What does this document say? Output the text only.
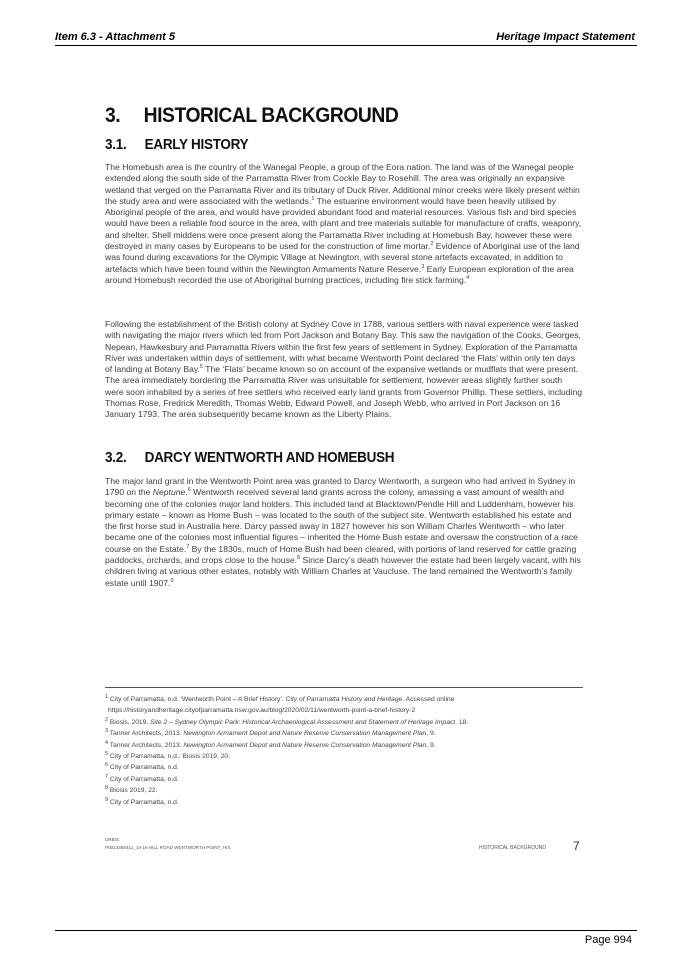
Item 6.3 - Attachment 5	Heritage Impact Statement
3. HISTORICAL BACKGROUND
3.1. EARLY HISTORY

The Homebush area is the country of the Wanegal People, a group of the Eora nation. The land was of the Wanegal people extended along the south side of the Parramatta River from Cockle Bay to Rosehill. The area was originally an expansive wetland that verged on the Parramatta River and its tributary of Duck River. Additional minor creeks were likely present within the study area and were associated with the wetlands.$^1$ The estuarine environment would have been heavily utilised by Aboriginal people of the area, and would have provided abundant food and material resources. Various fish and bird species would have been a reliable food source in the area, with plant and tree materials suitable for manufacture of crafts, weaponry, and shelter. Shell middens were once present along the Parramatta River including at Homebush Bay, however these were destroyed in many cases by Europeans to be used for the construction of lime mortar.$^2$ Evidence of Aboriginal use of the land was found during excavations for the Olympic Village at Newington, with several stone artefacts excavated, in addition to artefacts which have been found within the Newington Armaments Nature Reserve.$^3$ Early European exploration of the area around Homebush recorded the use of Aboriginal burning practices, including fire stick farming.$^4$

Following the establishment of the British colony at Sydney Cove in 1788, various settlers with naval experience were tasked with navigating the major rivers which led from Port Jackson and Botany Bay. This saw the navigation of the Cooks, Georges, Nepean, Hawkesbury and Parramatta Rivers within the first few years of settlement in Sydney. Exploration of the Parramatta River was undertaken within days of settlement, with what became Wentworth Point declared ‘the Flats’ within only ten days of landing at Botany Bay.$^5$ The ‘Flats’ became known so on account of the expansive wetlands or mudflats that were present. The area immediately bordering the Parramatta River was unsuitable for settlement, however areas slightly further south were soon inhabited by a series of free settlers who received early land grants from Governor Phillip. These settlers, including Thomas Rose, Fredrick Meredith, Thomas Webb, Edward Powell, and Joseph Webb, who arrived in Port Jackson on 16 January 1793. The area subsequently became known as the Liberty Plains.

3.2. DARCY WENTWORTH AND HOMEBUSH

The major land grant in the Wentworth Point area was granted to Darcy Wentworth, a surgeon who had arrived in Sydney in 1790 on the Neptune.$^6$ Wentworth received several land grants across the colony, amassing a vast amount of wealth and becoming one of the colonies major land holders. This included land at Blacktown/Pendle Hill and Luddenham, however his primary estate – known as Home Bush – was located to the south of the subject site. Wentworth established his estate and the first horse stud in Australia here. Darcy passed away in 1827 however his son William Charles Wentworth – who later became one of the colonies most influential figures – inherited the Home Bush estate and oversaw the construction of a race course on the Estate.$^7$ By the 1830s, much of Home Bush had been cleared, with portions of land reserved for cattle grazing paddocks, orchards, and crops close to the house.$^8$ Since Darcy’s death however the estate had been largely vacant, with his children living at various other estates, notably with William Charles at Vaucluse. The land remained the Wentworth’s family estate until 1907.$^9$

$^1$ City of Parramatta, n.d. ‘Wentworth Point – A Brief History’. City of Parramatta History and Heritage. Accessed online
https://historyandheritage.cityofparramatta.nsw.gov.au/blog/2020/02/11/wentworth-point-a-brief-history-2
$^2$ Biosis, 2019. Site 2 – Sydney Olympic Park: Historical Archaeological Assessment and Statement of Heritage Impact, 18.
$^3$ Tanner Architects, 2013. Newington Armament Depot and Nature Reserve Conservation Management Plan, 9.
$^4$ Tanner Architects, 2013. Newington Armament Depot and Nature Reserve Conservation Management Plan, 9.
$^5$ City of Parramatta, n.d.; Biosis 2019, 20.
$^6$ City of Parramatta, n.d.
$^7$ City of Parramatta, n.d.
$^8$ Biosis 2019, 22.
$^9$ City of Parramatta, n.d.
URBIS
P0014356411_14-16 HILL ROAD WENTWORTH POINT_HIS	HISTORICAL BACKGROUND 7
Page 994
